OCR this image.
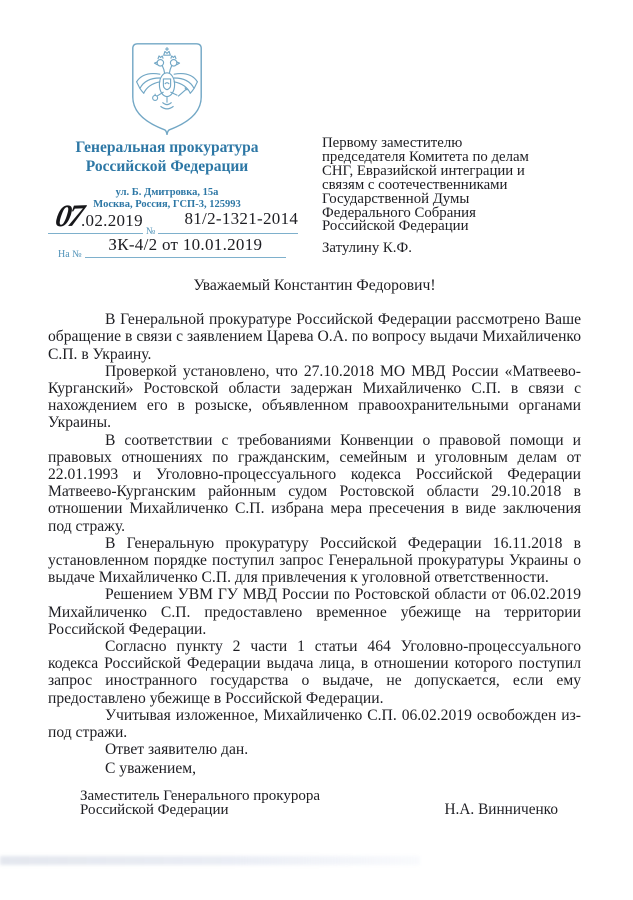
Генеральная прокуратура
Российской Федерации
ул. Б. Дмитровка, 15а
Москва, Россия, ГСП-3, 125993
07
.02.2019
№
81/2-1321-2014
На №
ЗК-4/2 от 10.01.2019
Первому заместителю
председателя Комитета по делам
СНГ, Евразийской интеграции и
связям с соотечественниками
Государственной Думы
Федерального Собрания
Российской Федерации
Затулину К.Ф.
Уважаемый Константин Федорович!

В Генеральной прокуратуре Российской Федерации рассмотрено Ваше обращение в связи с заявлением Царева О.А. по вопросу выдачи Михайличенко С.П. в Украину.

Проверкой установлено, что 27.10.2018 МО МВД России «Матвеево-Курганский» Ростовской области задержан Михайличенко С.П. в связи с нахождением его в розыске, объявленном правоохранительными органами Украины.

В соответствии с требованиями Конвенции о правовой помощи и правовых отношениях по гражданским, семейным и уголовным делам от 22.01.1993 и Уголовно-процессуального кодекса Российской Федерации Матвеево-Курганским районным судом Ростовской области 29.10.2018 в отношении Михайличенко С.П. избрана мера пресечения в виде заключения под стражу.

В Генеральную прокуратуру Российской Федерации 16.11.2018 в установленном порядке поступил запрос Генеральной прокуратуры Украины о выдаче Михайличенко С.П. для привлечения к уголовной ответственности.

Решением УВМ ГУ МВД России по Ростовской области от 06.02.2019 Михайличенко С.П. предоставлено временное убежище на территории Российской Федерации.

Согласно пункту 2 части 1 статьи 464 Уголовно-процессуального кодекса Российской Федерации выдача лица, в отношении которого поступил запрос иностранного государства о выдаче, не допускается, если ему предоставлено убежище в Российской Федерации.

Учитывая изложенное, Михайличенко С.П. 06.02.2019 освобожден из-под стражи.

Ответ заявителю дан.

С уважением,
Заместитель Генерального прокурора
Российской Федерации	Н.А. Винниченко
